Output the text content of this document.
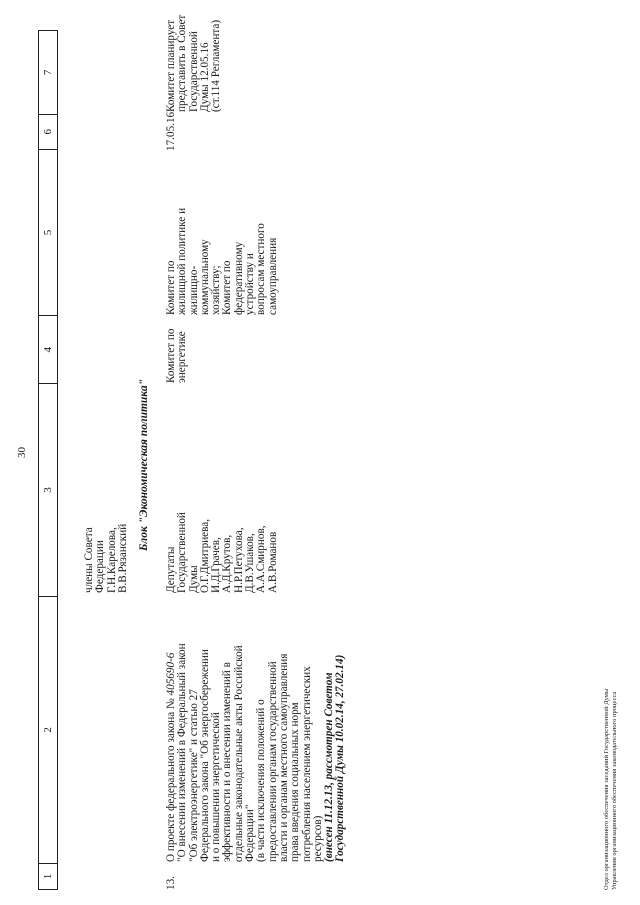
30
1
2
3
4
5
6
7

члены Совета Федерации Г.Н.Карелова, В.В.Рязанский

Блок "Экономическая политика"
13.

О проекте федерального закона № 405690-6 "О внесении изменений в Федеральный закон "Об электроэнергетике" и статью 27 Федерального закона "Об энергосбережении и о повышении энергетической эффективности и о внесении изменений в отдельные законодательные акты Российской Федерации" (в части исключения положений о предоставлении органам государственной власти и органам местного самоуправления права введения социальных норм потребления населением энергетических ресурсов) (внесен 11.12.13, рассмотрен Советом Государственной Думы 10.02.14, 27.02.14)

Депутаты Государственной Думы О.Г.Дмитриева, И.Д.Грачев, А.Д.Крутов, Н.Р.Петухова, Д.В.Ушаков, А.А.Смирнов, А.В.Романов

Комитет по энергетике

Комитет по жилищной политике и жилищно- коммунальному хозяйству; Комитет по федеративному устройству и вопросам местного самоуправления

17.05.16

Комитет планирует представить в Совет Государственной Думы 12.05.16 (ст.114 Регламента)

Отдел организационного обеспечения заседаний Государственной Думы Управления организационного обеспечения законодательного процесса
